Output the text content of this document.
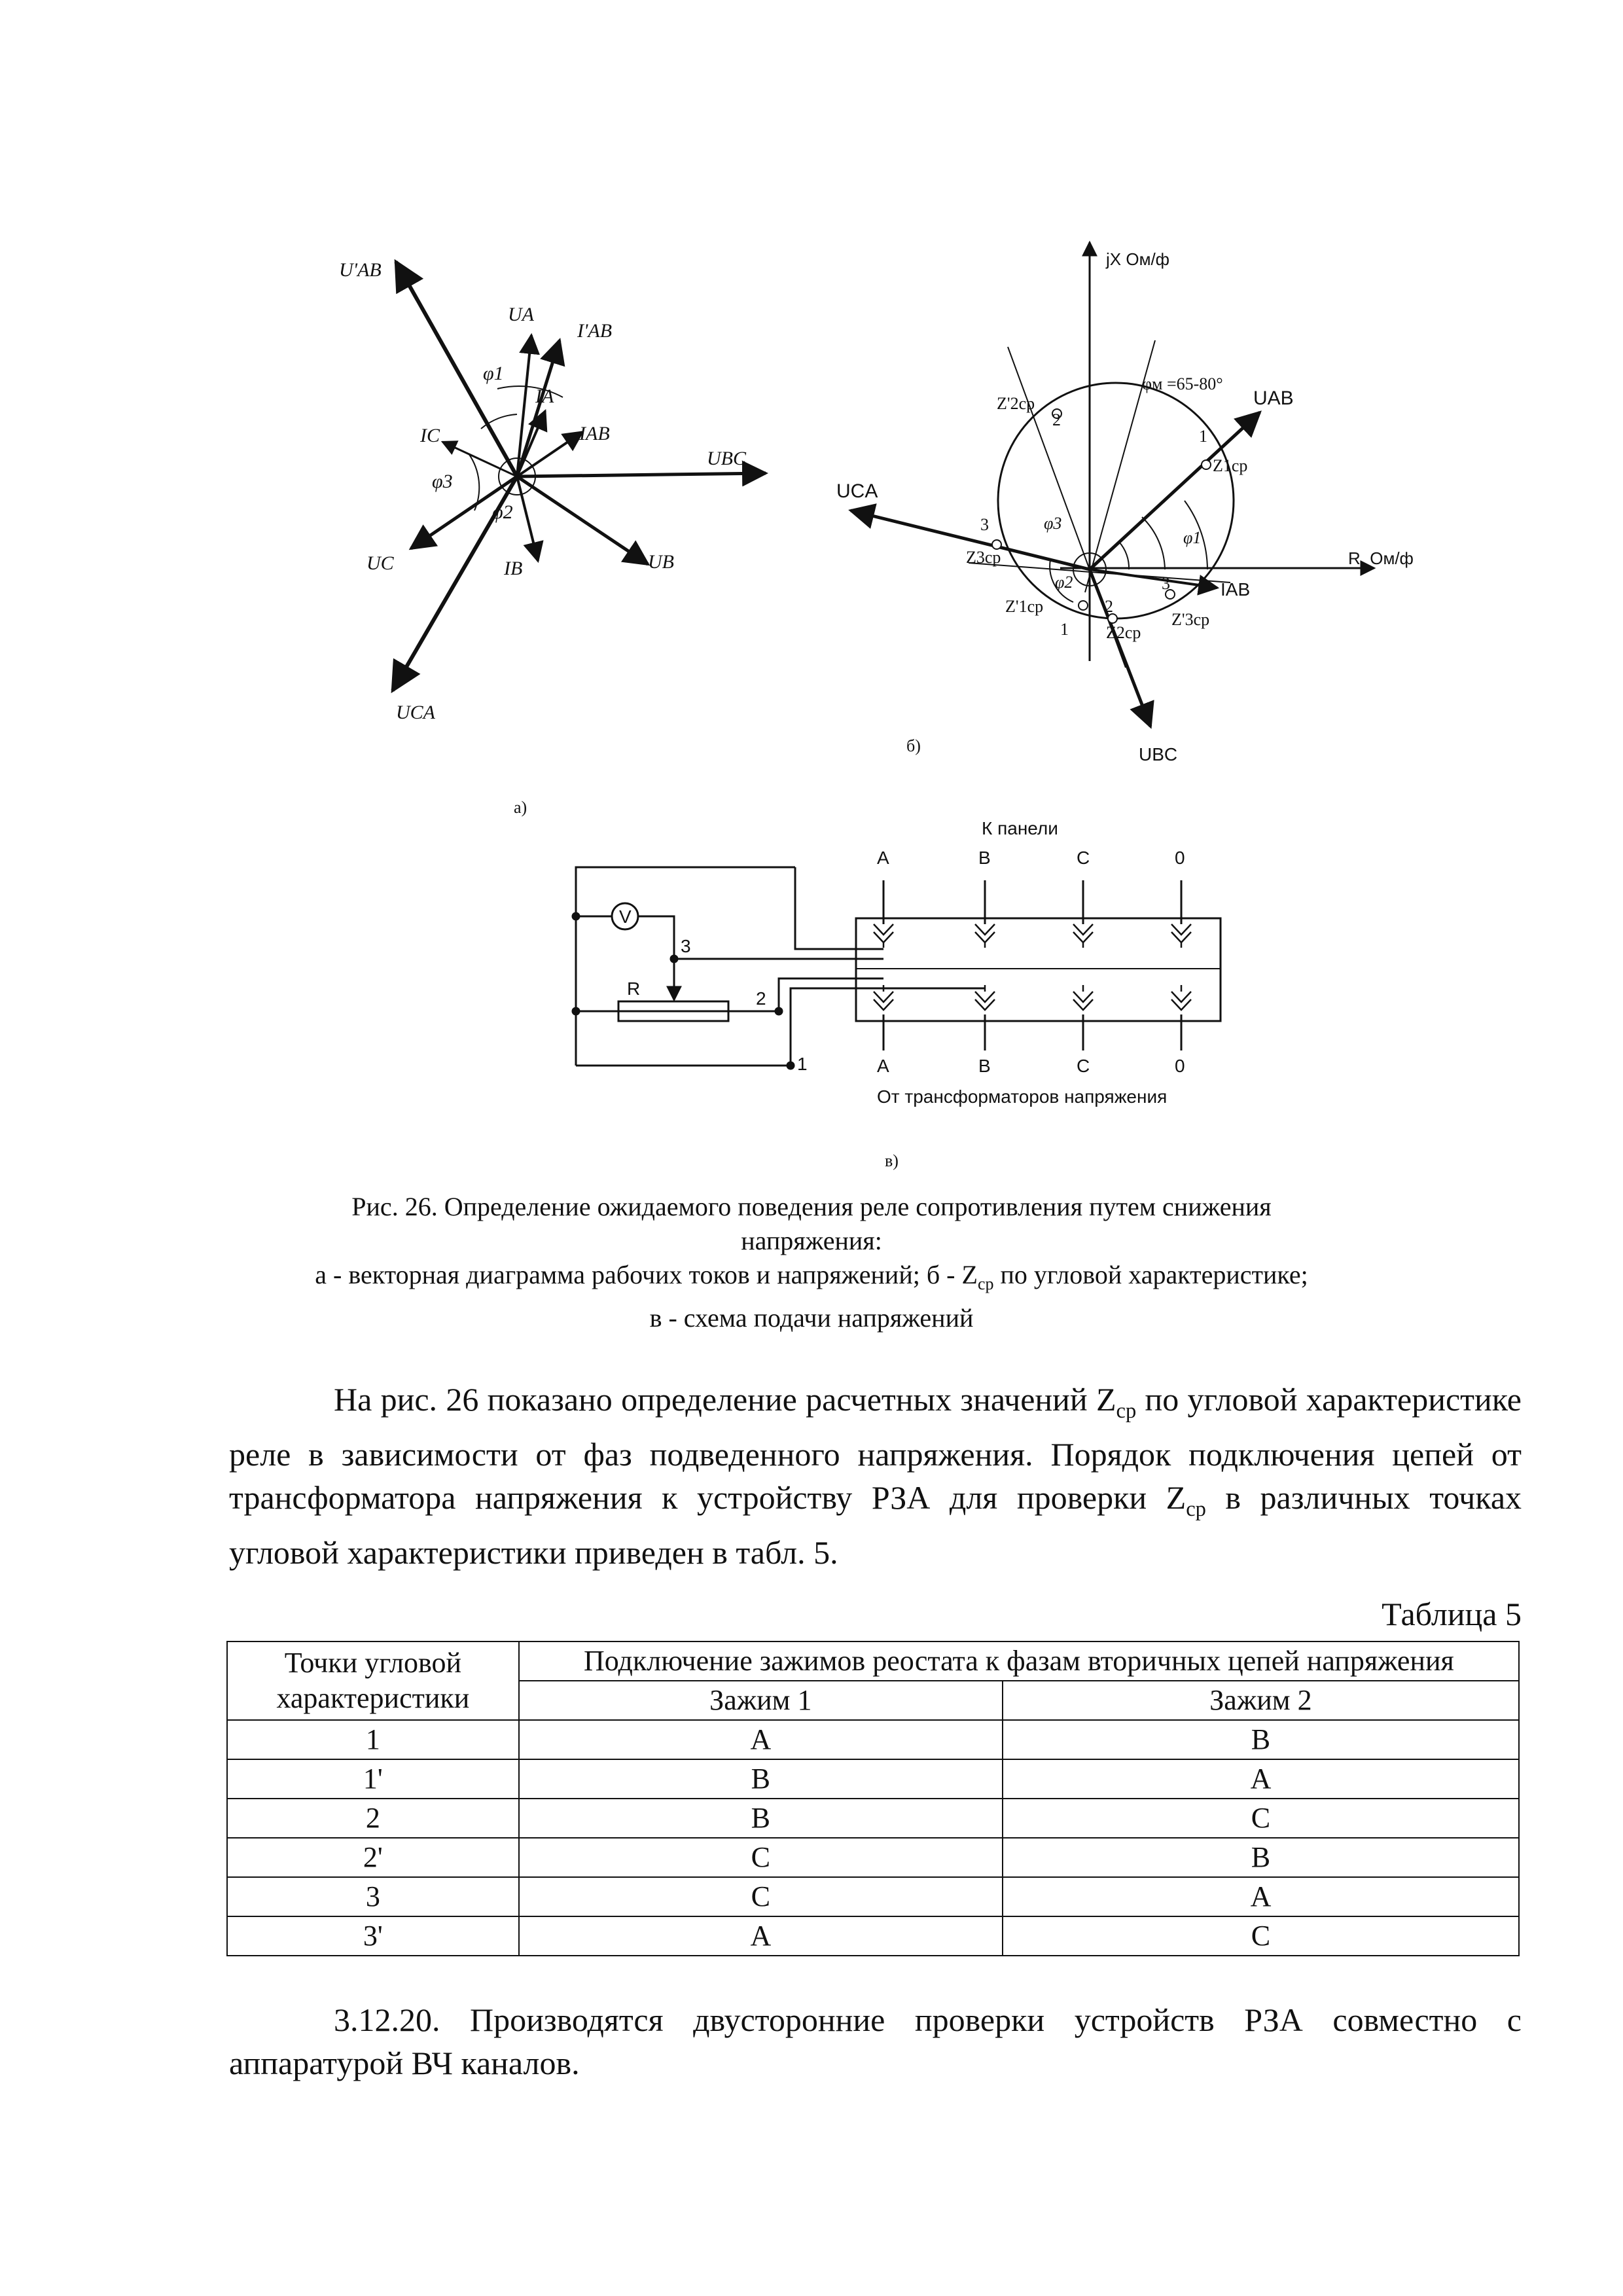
U'AB
UA
I'AB
φ1
IA
IC	IAB
UBC
φ3
φ2
UC	IB	UB
UCA
а)
jX Ом/ф
φм =65-80°
Z'2ср
2
UAB
1
Z1ср
UCA
3	φ3
φ1
Z3ср	R, Ом/ф
φ2	IAB
Z'1ср
1
2
3
Z2ср
Z'3ср
UBC
б)
К панели
A	B	C	0
V
3
R	2
1	A	B	C	0
От трансформаторов напряжения
в)
Рис. 26. Определение ожидаемого поведения реле сопротивления путем снижения
напряжения:
а - векторная диаграмма рабочих токов и напряжений; б - $Z_{ср}$ по угловой характеристике;
в - схема подачи напряжений
На рис. 26 показано определение расчетных значений $Z_{ср}$ по угловой характеристике реле в зависимости от фаз подведенного напряжения. Порядок подключения цепей от трансформатора напряжения к устройству РЗА для проверки $Z_{ср}$ в различных точках угловой характеристики приведен в табл. 5.
Таблица 5
Точки угловой характеристики	Подключение зажимов реостата к фазам вторичных цепей напряжения	
	Зажим 1	Зажим 2
1	A	B
1'	B	A
2	B	C
2'	C	B
3	C	A
3'	A	C
3.12.20. Производятся двусторонние проверки устройств РЗА совместно с аппаратурой ВЧ каналов.
